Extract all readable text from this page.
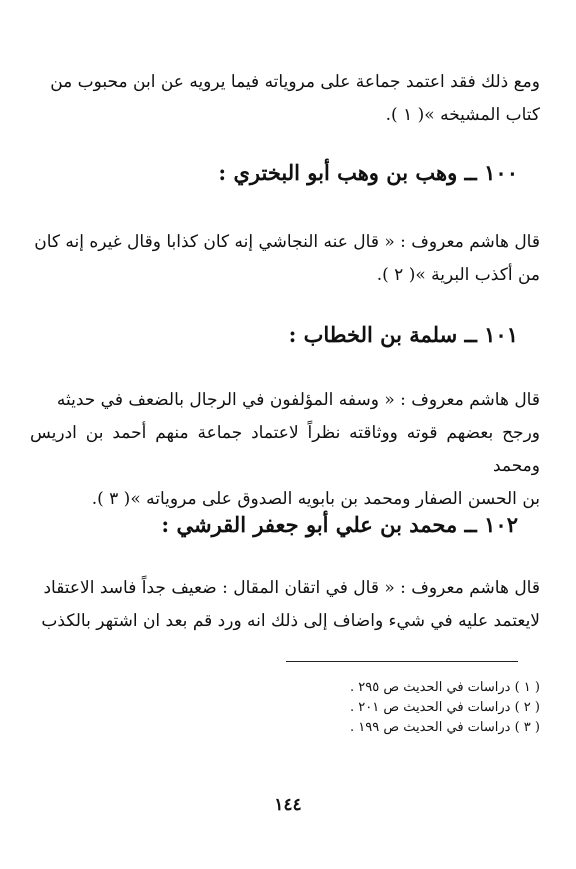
ومع ذلك فقد اعتمد جماعة على مروياته فيما يرويه عن ابن محبوب من
كتاب المشيخه »( ١ ).
١٠٠ ــ وهب بن وهب أبو البختري :
قال هاشم معروف : « قال عنه النجاشي إنه كان كذابا وقال غيره إنه كان
من أكذب البرية »( ٢ ).
١٠١ ــ سلمة بن الخطاب :
قال هاشم معروف : « وسفه المؤلفون في الرجال بالضعف في حديثه
ورجح بعضهم قوته ووثاقته نظراً لاعتماد جماعة منهم أحمد بن ادريس ومحمد
بن الحسن الصفار ومحمد بن بابويه الصدوق على مروياته »( ٣ ).
١٠٢ ــ محمد بن علي أبو جعفر القرشي :
قال هاشم معروف : « قال في اتقان المقال : ضعيف جداً فاسد الاعتقاد
لايعتمد عليه في شيء واضاف إلى ذلك انه ورد قم بعد ان اشتهر بالكذب
( ١ ) دراسات في الحديث ص ٢٩٥ .
( ٢ ) دراسات في الحديث ص ٢٠١ .
( ٣ ) دراسات في الحديث ص ١٩٩ .
١٤٤
